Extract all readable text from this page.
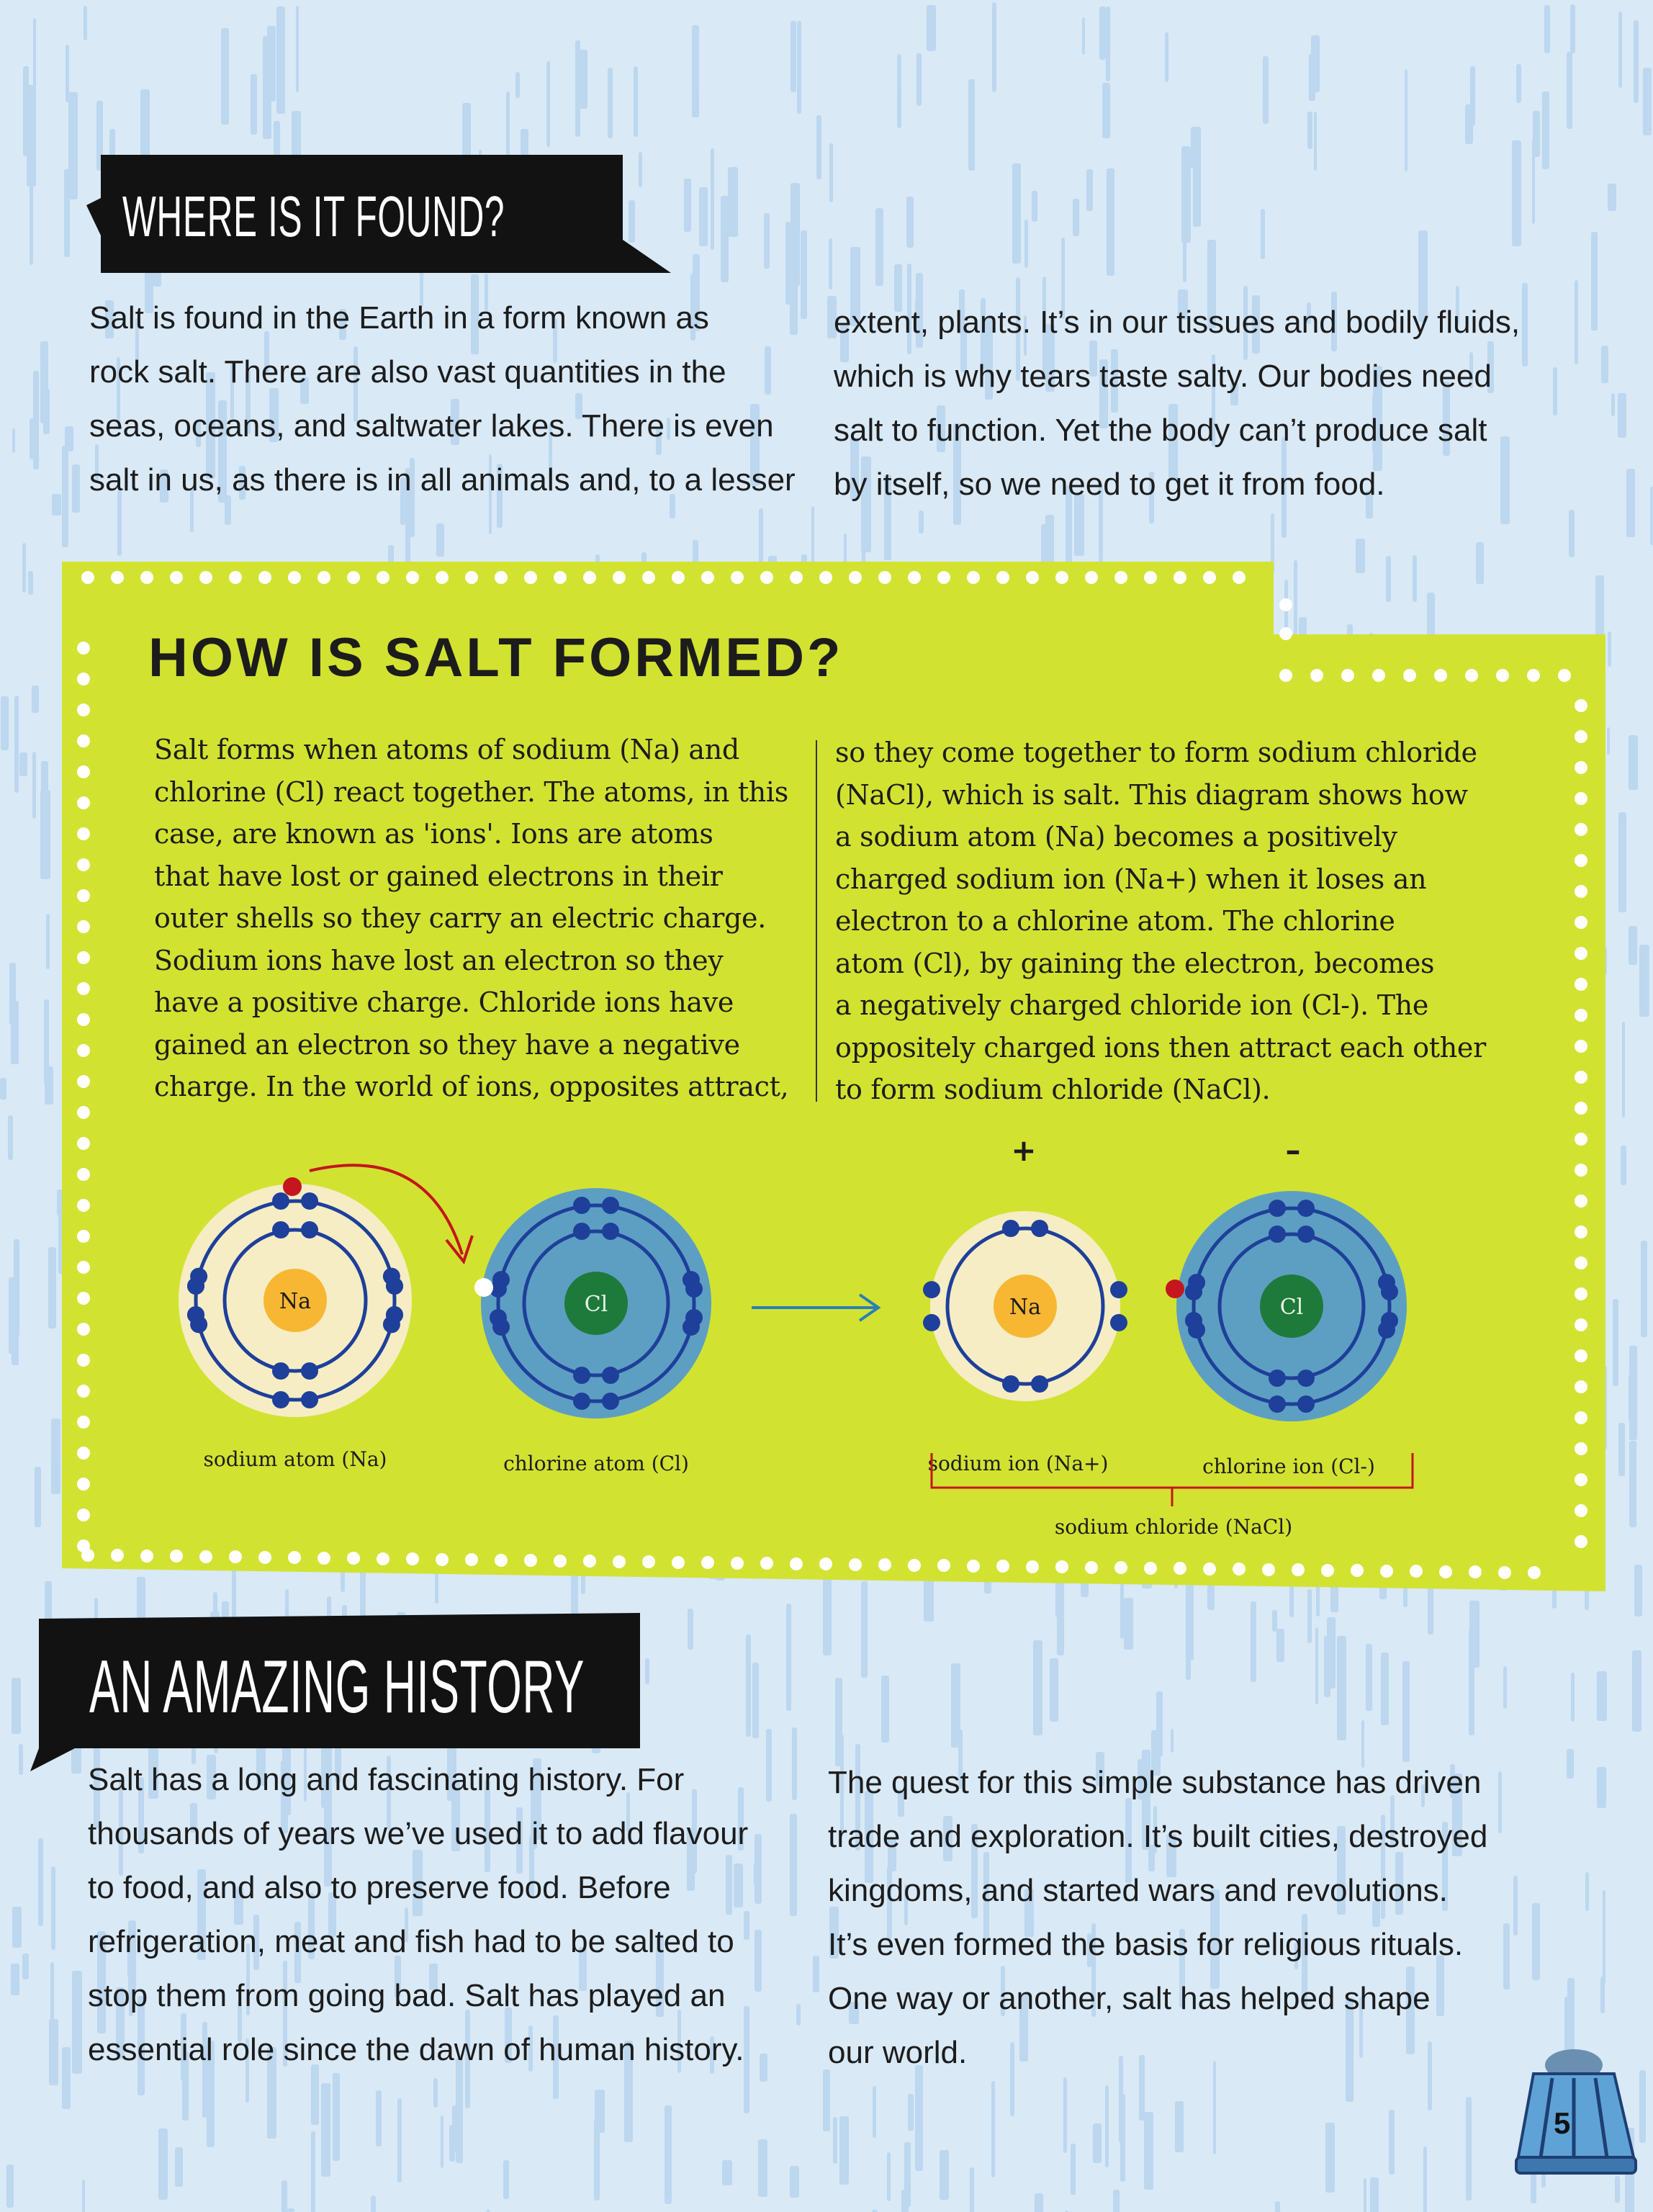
WHERE IS IT FOUND?
Salt is found in the Earth in a form known as
rock salt. There are also vast quantities in the
seas, oceans, and saltwater lakes. There is even
salt in us, as there is in all animals and, to a lesser
extent, plants. It’s in our tissues and bodily fluids,
which is why tears taste salty. Our bodies need
salt to function. Yet the body can’t produce salt
by itself, so we need to get it from food.
HOW IS SALT FORMED?
Salt forms when atoms of sodium (Na) and
chlorine (Cl) react together. The atoms, in this
case, are known as 'ions'. Ions are atoms
that have lost or gained electrons in their
outer shells so they carry an electric charge.
Sodium ions have lost an electron so they
have a positive charge. Chloride ions have
gained an electron so they have a negative
charge. In the world of ions, opposites attract,
so they come together to form sodium chloride
(NaCl), which is salt. This diagram shows how
a sodium atom (Na) becomes a positively
charged sodium ion (Na+) when it loses an
electron to a chlorine atom. The chlorine
atom (Cl), by gaining the electron, becomes
a negatively charged chloride ion (Cl-). The
oppositely charged ions then attract each other
to form sodium chloride (NaCl).
Na	Cl	Na	Cl
+	–
sodium atom (Na)	chlorine atom (Cl)	sodium ion (Na+)	chlorine ion (Cl-)
sodium chloride (NaCl)
AN AMAZING HISTORY
Salt has a long and fascinating history. For
thousands of years we’ve used it to add flavour
to food, and also to preserve food. Before
refrigeration, meat and fish had to be salted to
stop them from going bad. Salt has played an
essential role since the dawn of human history.
The quest for this simple substance has driven
trade and exploration. It’s built cities, destroyed
kingdoms, and started wars and revolutions.
It’s even formed the basis for religious rituals.
One way or another, salt has helped shape
our world.
5
